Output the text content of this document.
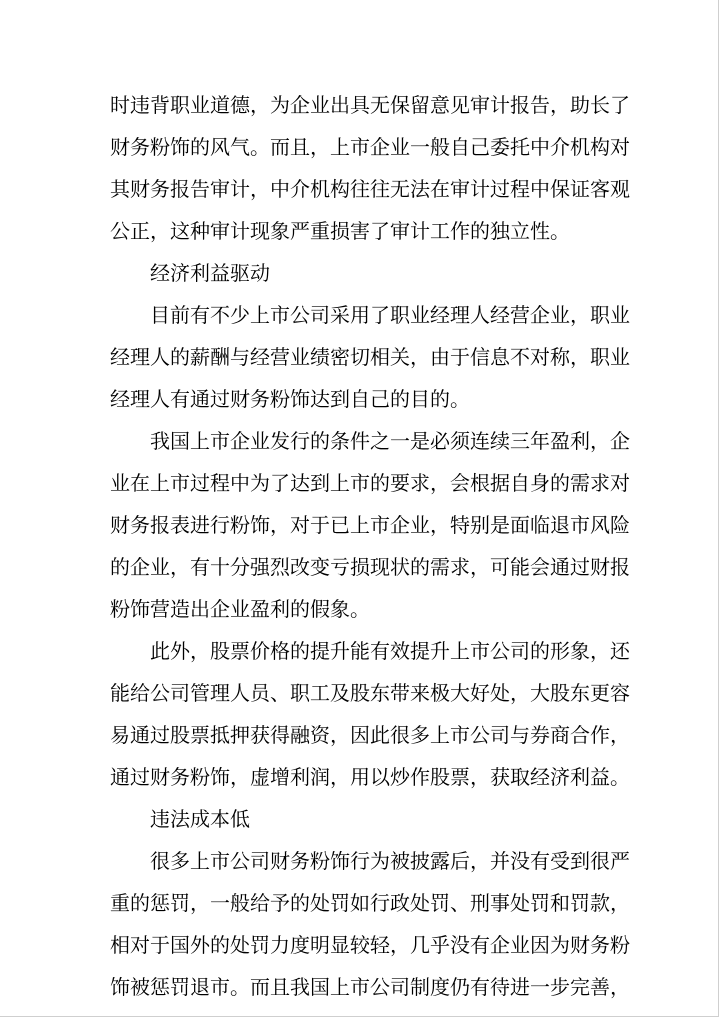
时违背职业道德，为企业出具无保留意见审计报告，助长了
财务粉饰的风气。而且，上市企业一般自己委托中介机构对
其财务报告审计，中介机构往往无法在审计过程中保证客观
公正，这种审计现象严重损害了审计工作的独立性。
经济利益驱动
目前有不少上市公司采用了职业经理人经营企业，职业
经理人的薪酬与经营业绩密切相关，由于信息不对称，职业
经理人有通过财务粉饰达到自己的目的。
我国上市企业发行的条件之一是必须连续三年盈利，企
业在上市过程中为了达到上市的要求，会根据自身的需求对
财务报表进行粉饰，对于已上市企业，特别是面临退市风险
的企业，有十分强烈改变亏损现状的需求，可能会通过财报
粉饰营造出企业盈利的假象。
此外，股票价格的提升能有效提升上市公司的形象，还
能给公司管理人员、职工及股东带来极大好处，大股东更容
易通过股票抵押获得融资，因此很多上市公司与券商合作，
通过财务粉饰，虚增利润，用以炒作股票，获取经济利益。
违法成本低
很多上市公司财务粉饰行为被披露后，并没有受到很严
重的惩罚，一般给予的处罚如行政处罚、刑事处罚和罚款，
相对于国外的处罚力度明显较轻，几乎没有企业因为财务粉
饰被惩罚退市。而且我国上市公司制度仍有待进一步完善，
